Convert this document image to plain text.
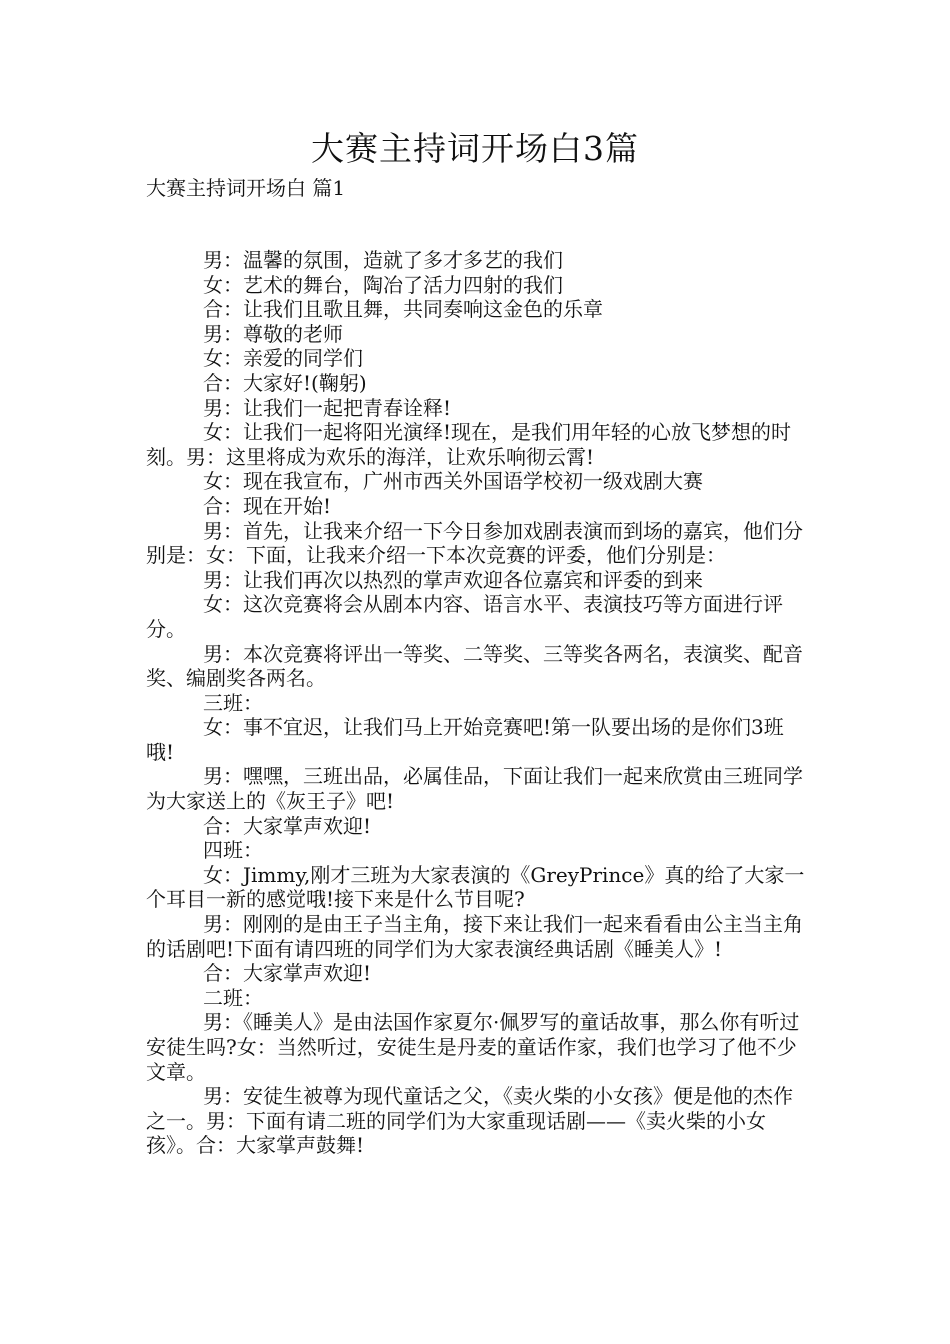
大赛主持词开场白3篇

大赛主持词开场白 篇1

男：温馨的氛围，造就了多才多艺的我们

女：艺术的舞台，陶冶了活力四射的我们

合：让我们且歌且舞，共同奏响这金色的乐章

男：尊敬的老师

女：亲爱的同学们

合：大家好!(鞠躬)

男：让我们一起把青春诠释!

女：让我们一起将阳光演绎!现在，是我们用年轻的心放飞梦想的时刻。男：这里将成为欢乐的海洋，让欢乐响彻云霄!

女：现在我宣布，广州市西关外国语学校初一级戏剧大赛

合：现在开始!

男：首先，让我来介绍一下今日参加戏剧表演而到场的嘉宾，他们分别是：女：下面，让我来介绍一下本次竞赛的评委，他们分别是：

男：让我们再次以热烈的掌声欢迎各位嘉宾和评委的到来

女：这次竞赛将会从剧本内容、语言水平、表演技巧等方面进行评分。

男：本次竞赛将评出一等奖、二等奖、三等奖各两名，表演奖、配音奖、编剧奖各两名。

三班：

女：事不宜迟，让我们马上开始竞赛吧!第一队要出场的是你们3班哦!

男：嘿嘿，三班出品，必属佳品，下面让我们一起来欣赏由三班同学为大家送上的《灰王子》吧!

合：大家掌声欢迎!

四班：

女：Jimmy,刚才三班为大家表演的《GreyPrince》真的给了大家一个耳目一新的感觉哦!接下来是什么节目呢?

男：刚刚的是由王子当主角，接下来让我们一起来看看由公主当主角的话剧吧!下面有请四班的同学们为大家表演经典话剧《睡美人》!

合：大家掌声欢迎!

二班：

男：《睡美人》是由法国作家夏尔·佩罗写的童话故事，那么你有听过安徒生吗?女：当然听过，安徒生是丹麦的童话作家，我们也学习了他不少文章。

男：安徒生被尊为现代童话之父，《卖火柴的小女孩》便是他的杰作之一。男：下面有请二班的同学们为大家重现话剧——《卖火柴的小女孩》。合：大家掌声鼓舞!
